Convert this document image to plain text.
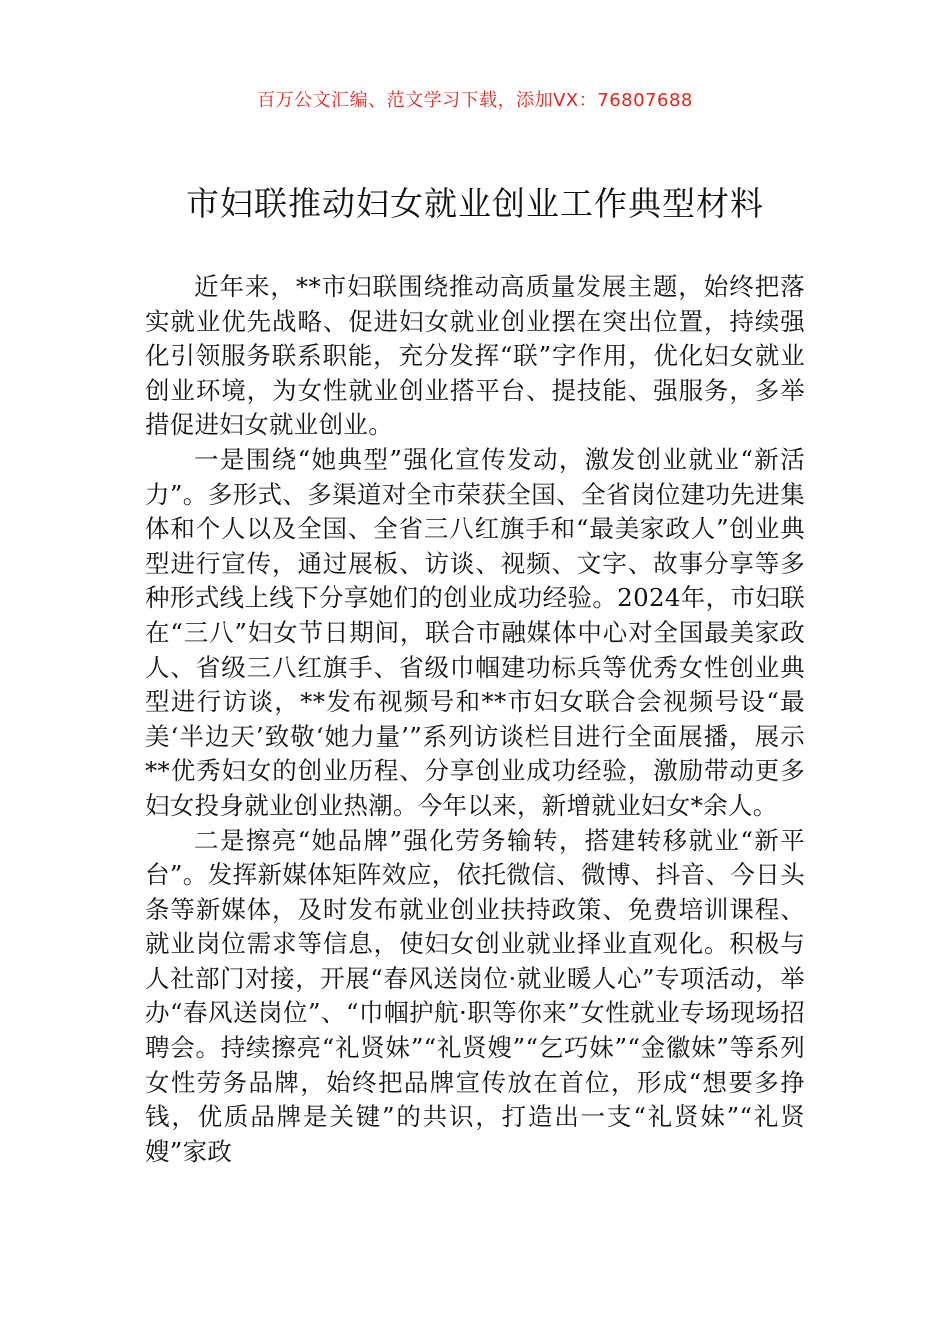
百万公文汇编、范文学习下载，添加VX：76807688
市妇联推动妇女就业创业工作典型材料

近年来，**市妇联围绕推动高质量发展主题，始终把落实就业优先战略、促进妇女就业创业摆在突出位置，持续强化引领服务联系职能，充分发挥“联”字作用，优化妇女就业创业环境，为女性就业创业搭平台、提技能、强服务，多举措促进妇女就业创业。

一是围绕“她典型”强化宣传发动，激发创业就业“新活力”。多形式、多渠道对全市荣获全国、全省岗位建功先进集体和个人以及全国、全省三八红旗手和“最美家政人”创业典型进行宣传，通过展板、访谈、视频、文字、故事分享等多种形式线上线下分享她们的创业成功经验。2024年，市妇联在“三八”妇女节日期间，联合市融媒体中心对全国最美家政人、省级三八红旗手、省级巾帼建功标兵等优秀女性创业典型进行访谈，**发布视频号和**市妇女联合会视频号设“最美‘半边天’致敬‘她力量’”系列访谈栏目进行全面展播，展示**优秀妇女的创业历程、分享创业成功经验，激励带动更多妇女投身就业创业热潮。今年以来，新增就业妇女*余人。

二是擦亮“她品牌”强化劳务输转，搭建转移就业“新平台”。发挥新媒体矩阵效应，依托微信、微博、抖音、今日头条等新媒体，及时发布就业创业扶持政策、免费培训课程、就业岗位需求等信息，使妇女创业就业择业直观化。积极与人社部门对接，开展“春风送岗位·就业暖人心”专项活动，举办“春风送岗位”、“巾帼护航·职等你来”女性就业专场现场招聘会。持续擦亮“礼贤妹”“礼贤嫂”“乞巧妹”“金徽妹”等系列女性劳务品牌，始终把品牌宣传放在首位，形成“想要多挣钱，优质品牌是关键”的共识，打造出一支“礼贤妹”“礼贤嫂”家政
